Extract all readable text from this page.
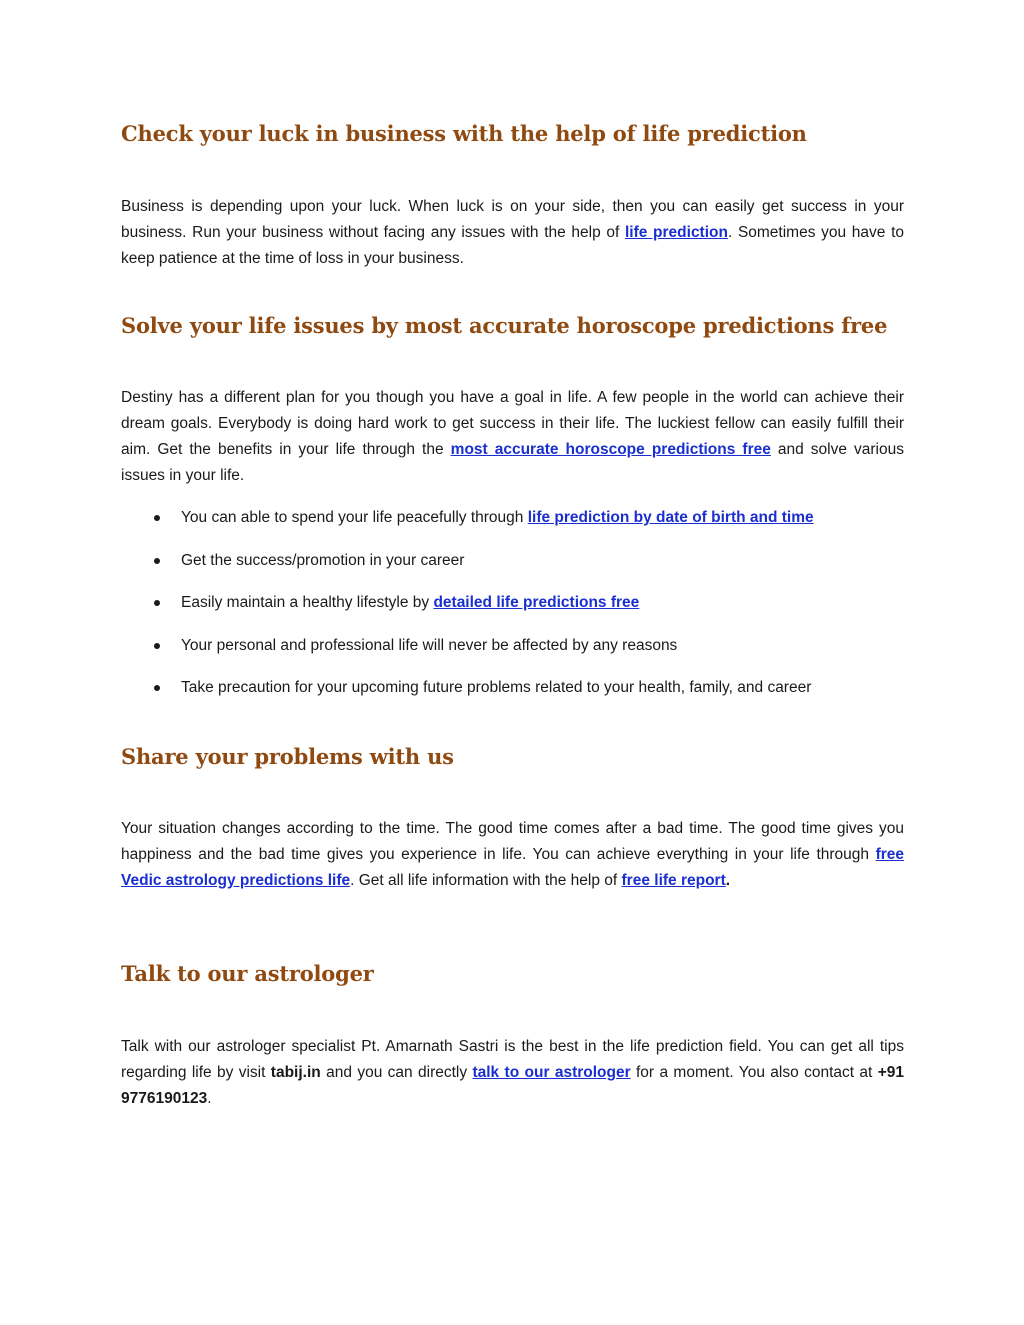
Check your luck in business with the help of life prediction

Business is depending upon your luck. When luck is on your side, then you can easily get success in your business. Run your business without facing any issues with the help of life prediction. Sometimes you have to keep patience at the time of loss in your business.

Solve your life issues by most accurate horoscope predictions free

Destiny has a different plan for you though you have a goal in life. A few people in the world can achieve their dream goals. Everybody is doing hard work to get success in their life. The luckiest fellow can easily fulfill their aim. Get the benefits in your life through the most accurate horoscope predictions free and solve various issues in your life.

You can able to spend your life peacefully through life prediction by date of birth and time
Get the success/promotion in your career
Easily maintain a healthy lifestyle by detailed life predictions free
Your personal and professional life will never be affected by any reasons
Take precaution for your upcoming future problems related to your health, family, and career
Share your problems with us

Your situation changes according to the time. The good time comes after a bad time. The good time gives you happiness and the bad time gives you experience in life. You can achieve everything in your life through free Vedic astrology predictions life. Get all life information with the help of free life report.

Talk to our astrologer

Talk with our astrologer specialist Pt. Amarnath Sastri is the best in the life prediction field. You can get all tips regarding life by visit tabij.in and you can directly talk to our astrologer for a moment. You also contact at +91 9776190123.
